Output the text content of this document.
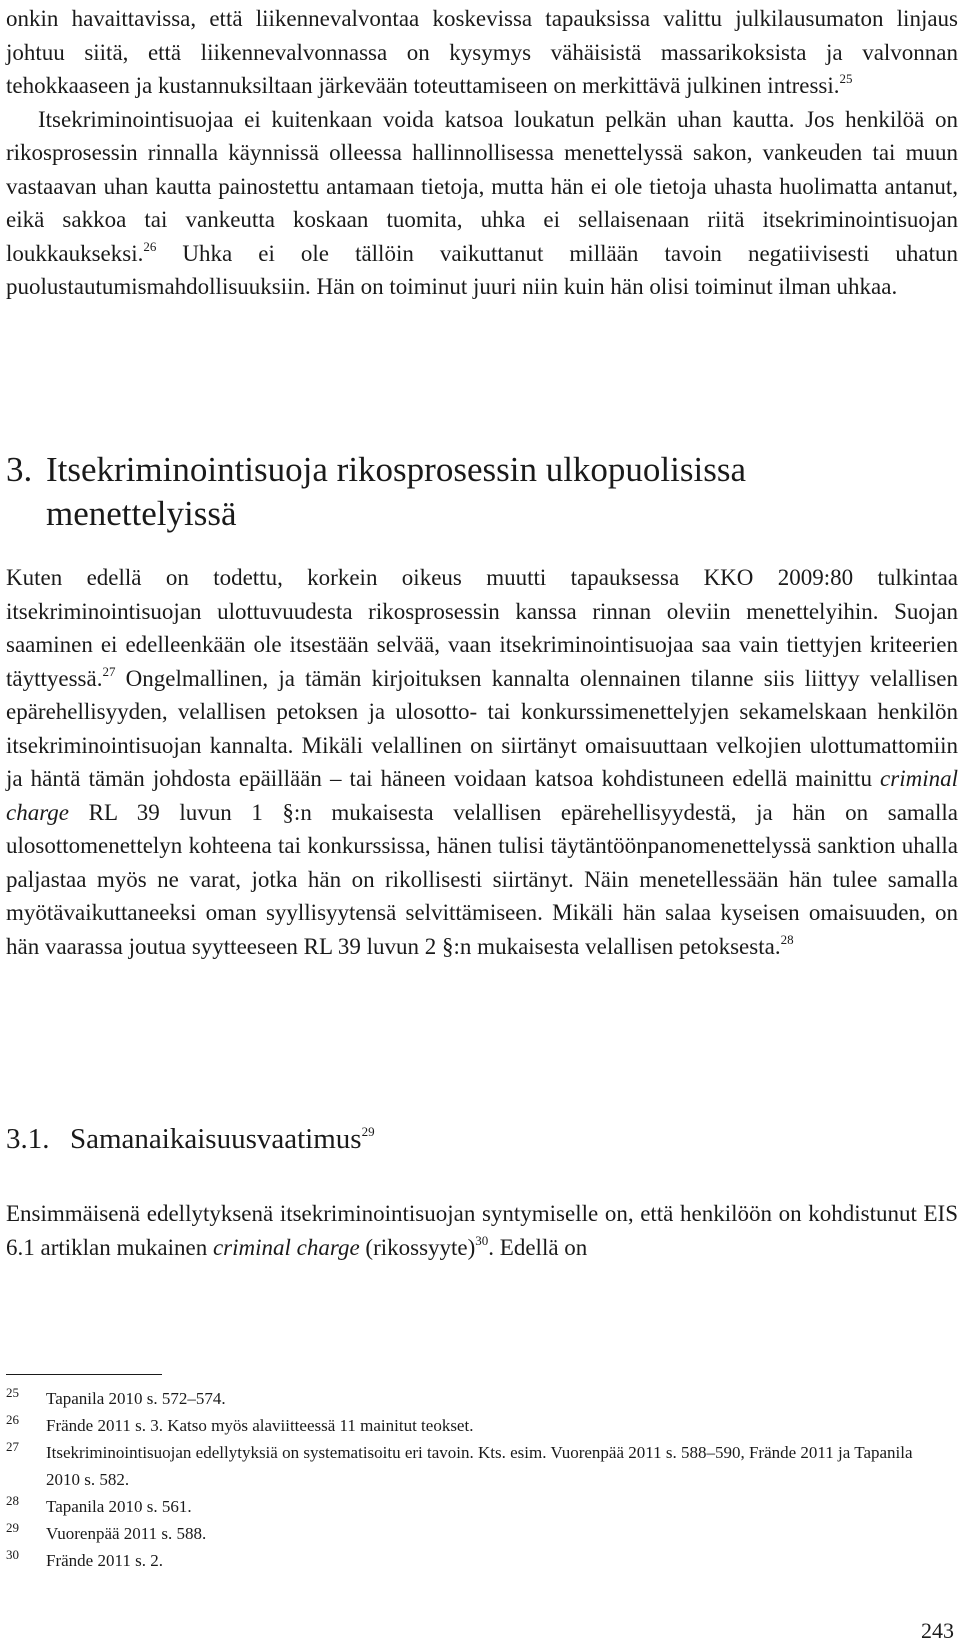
onkin havaittavissa, että liikennevalvontaa koskevissa tapauksissa valittu julkilausumaton linjaus johtuu siitä, että liikennevalvonnassa on kysymys vähäisistä massarikoksista ja valvonnan tehokkaaseen ja kustannuksiltaan järkevään toteuttamiseen on merkittävä julkinen intressi.$^{25}$

Itsekriminointisuojaa ei kuitenkaan voida katsoa loukatun pelkän uhan kautta. Jos henkilöä on rikosprosessin rinnalla käynnissä olleessa hallinnollisessa menettelyssä sakon, vankeuden tai muun vastaavan uhan kautta painostettu antamaan tietoja, mutta hän ei ole tietoja uhasta huolimatta antanut, eikä sakkoa tai vankeutta koskaan tuomita, uhka ei sellaisenaan riitä itsekriminointisuojan loukkaukseksi.$^{26}$ Uhka ei ole tällöin vaikuttanut millään tavoin negatiivisesti uhatun puolustautumismahdollisuuksiin. Hän on toiminut juuri niin kuin hän olisi toiminut ilman uhkaa.

3. Itsekriminointisuoja rikosprosessin ulkopuolisissa
menettelyissä

Kuten edellä on todettu, korkein oikeus muutti tapauksessa KKO 2009:80 tulkintaa itsekriminointisuojan ulottuvuudesta rikosprosessin kanssa rinnan oleviin menettelyihin. Suojan saaminen ei edelleenkään ole itsestään selvää, vaan itsekriminointisuojaa saa vain tiettyjen kriteerien täyttyessä.$^{27}$ Ongelmallinen, ja tämän kirjoituksen kannalta olennainen tilanne siis liittyy velallisen epärehellisyyden, velallisen petoksen ja ulosotto- tai konkurssimenettelyjen sekamelskaan henkilön itsekriminointisuojan kannalta. Mikäli velallinen on siirtänyt omaisuuttaan velkojien ulottumattomiin ja häntä tämän johdosta epäillään – tai häneen voidaan katsoa kohdistuneen edellä mainittu criminal charge RL 39 luvun 1 §:n mukaisesta velallisen epärehellisyydestä, ja hän on samalla ulosottomenettelyn kohteena tai konkurssissa, hänen tulisi täytäntöönpanomenettelyssä sanktion uhalla paljastaa myös ne varat, jotka hän on rikollisesti siirtänyt. Näin menetellessään hän tulee samalla myötävaikuttaneeksi oman syyllisyytensä selvittämiseen. Mikäli hän salaa kyseisen omaisuuden, on hän vaarassa joutua syytteeseen RL 39 luvun 2 §:n mukaisesta velallisen petoksesta.$^{28}$

3.1. Samanaikaisuusvaatimus$^{29}$

Ensimmäisenä edellytyksenä itsekriminointisuojan syntymiselle on, että henkilöön on kohdistunut EIS 6.1 artiklan mukainen criminal charge (rikossyyte)$^{30}$. Edellä on

25 Tapanila 2010 s. 572–574.
26 Frände 2011 s. 3. Katso myös alaviitteessä 11 mainitut teokset.
27 Itsekriminointisuojan edellytyksiä on systematisoitu eri tavoin. Kts. esim. Vuorenpää 2011 s. 588–590, Frände 2011 ja Tapanila 2010 s. 582.
28 Tapanila 2010 s. 561.
29 Vuorenpää 2011 s. 588.
30 Frände 2011 s. 2.
243
